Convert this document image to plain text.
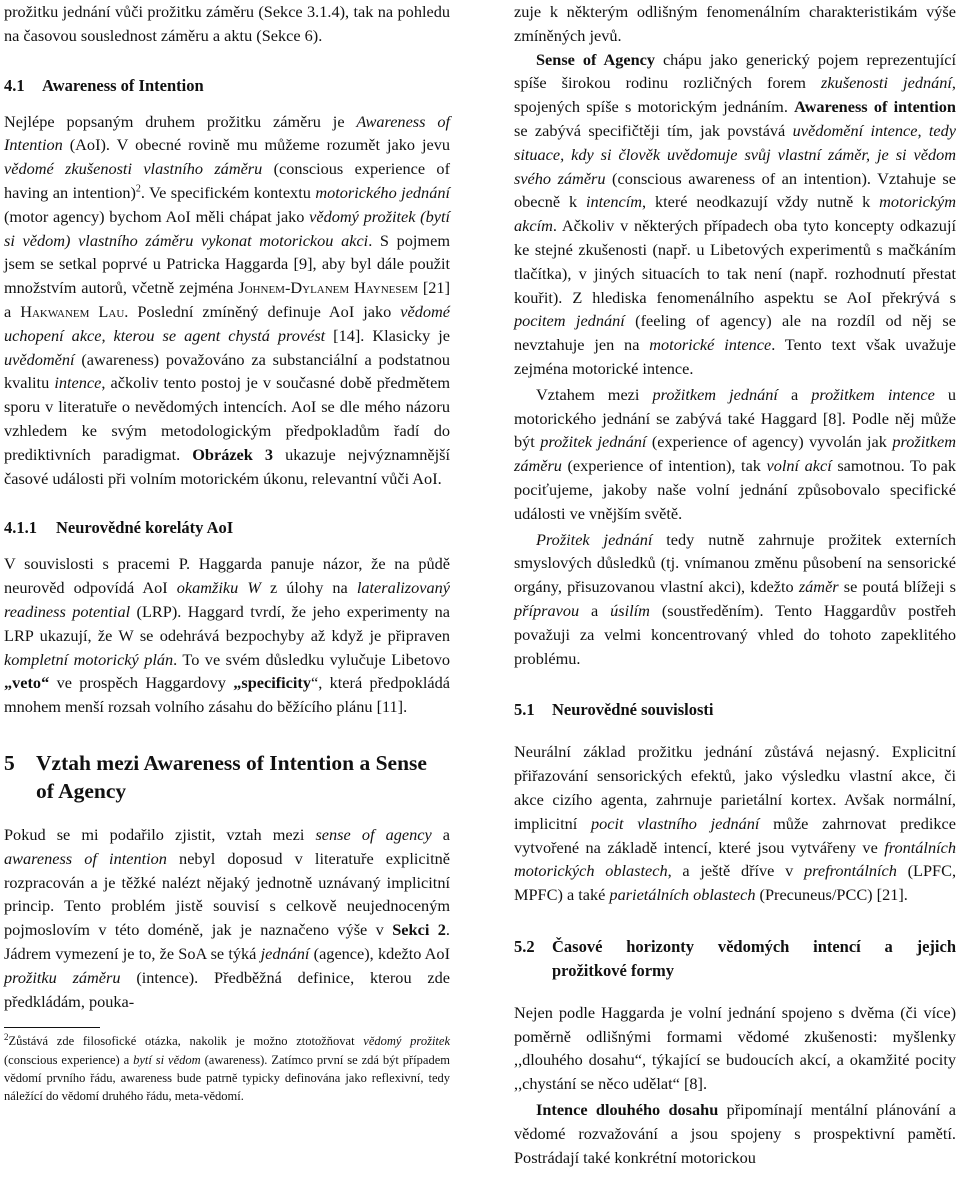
prožitku jednání vůči prožitku záměru (Sekce 3.1.4), tak na pohledu na časovou souslednost záměru a aktu (Sekce 6).

4.1 Awareness of Intention

Nejlépe popsaným druhem prožitku záměru je Awareness of Intention (AoI). V obecné rovině mu můžeme rozumět jako jevu vědomé zkušenosti vlastního záměru (conscious experience of having an intention)$^2$. Ve specifickém kontextu motorického jednání (motor agency) bychom AoI měli chápat jako vědomý prožitek (bytí si vědom) vlastního záměru vykonat motorickou akci. S pojmem jsem se setkal poprvé u Patricka Haggarda [9], aby byl dále použit množstvím autorů, včetně zejména Johnem-Dylanem Haynesem [21] a Hakwanem Lau. Poslední zmíněný definuje AoI jako vědomé uchopení akce, kterou se agent chystá provést [14]. Klasicky je uvědomění (awareness) považováno za substanciální a podstatnou kvalitu intence, ačkoliv tento postoj je v současné době předmětem sporu v literatuře o nevědomých intencích. AoI se dle mého názoru vzhledem ke svým metodologickým předpokladům řadí do prediktivních paradigmat. Obrázek 3 ukazuje nejvýznamnější časové události při volním motorickém úkonu, relevantní vůči AoI.

4.1.1 Neurovědné koreláty AoI

V souvislosti s pracemi P. Haggarda panuje názor, že na půdě neurověd odpovídá AoI okamžiku W z úlohy na lateralizovaný readiness potential (LRP). Haggard tvrdí, že jeho experimenty na LRP ukazují, že W se odehrává bezpochyby až když je připraven kompletní motorický plán. To ve svém důsledku vylučuje Libetovo „veto“ ve prospěch Haggardovy „specificity“, která předpokládá mnohem menší rozsah volního zásahu do běžícího plánu [11].

5 Vztah mezi Awareness of Intention a Sense
of Agency

Pokud se mi podařilo zjistit, vztah mezi sense of agency a awareness of intention nebyl doposud v literatuře explicitně rozpracován a je těžké nalézt nějaký jednotně uznávaný implicitní princip. Tento problém jistě souvisí s celkově neujednoceným pojmoslovím v této doméně, jak je naznačeno výše v Sekci 2. Jádrem vymezení je to, že SoA se týká jednání (agence), kdežto AoI prožitku záměru (intence). Předběžná definice, kterou zde předkládám, pouka-

$^2$Zůstává zde filosofické otázka, nakolik je možno ztotožňovat vědomý prožitek (conscious experience) a bytí si vědom (awareness). Zatímco první se zdá být případem vědomí prvního řádu, awareness bude patrně typicky definována jako reflexivní, tedy náležící do vědomí druhého řádu, meta-vědomí.

zuje k některým odlišným fenomenálním charakteristikám výše zmíněných jevů.

Sense of Agency chápu jako generický pojem reprezentující spíše širokou rodinu rozličných forem zkušenosti jednání, spojených spíše s motorickým jednáním. Awareness of intention se zabývá specifičtěji tím, jak povstává uvědomění intence, tedy situace, kdy si člověk uvědomuje svůj vlastní záměr, je si vědom svého záměru (conscious awareness of an intention). Vztahuje se obecně k intencím, které neodkazují vždy nutně k motorickým akcím. Ačkoliv v některých případech oba tyto koncepty odkazují ke stejné zkušenosti (např. u Libetových experimentů s mačkáním tlačítka), v jiných situacích to tak není (např. rozhodnutí přestat kouřit). Z hlediska fenomenálního aspektu se AoI překrývá s pocitem jednání (feeling of agency) ale na rozdíl od něj se nevztahuje jen na motorické intence. Tento text však uvažuje zejména motorické intence.

Vztahem mezi prožitkem jednání a prožitkem intence u motorického jednání se zabývá také Haggard [8]. Podle něj může být prožitek jednání (experience of agency) vyvolán jak prožitkem záměru (experience of intention), tak volní akcí samotnou. To pak pociťujeme, jakoby naše volní jednání způsobovalo specifické události ve vnějším světě.

Prožitek jednání tedy nutně zahrnuje prožitek externích smyslových důsledků (tj. vnímanou změnu působení na sensorické orgány, přisuzovanou vlastní akci), kdežto záměr se poutá blížeji s přípravou a úsilím (soustředěním). Tento Haggardův postřeh považuji za velmi koncentrovaný vhled do tohoto zapeklitého problému.

5.1 Neurovědné souvislosti

Neurální základ prožitku jednání zůstává nejasný. Explicitní přiřazování sensorických efektů, jako výsledku vlastní akce, či akce cizího agenta, zahrnuje parietální kortex. Avšak normální, implicitní pocit vlastního jednání může zahrnovat predikce vytvořené na základě intencí, které jsou vytvářeny ve frontálních motorických oblastech, a ještě dříve v prefrontálních (LPFC, MPFC) a také parietálních oblastech (Precuneus/PCC) [21].

5.2	Časové horizonty vědomých intencí a jejich
prožitkové formy

Nejen podle Haggarda je volní jednání spojeno s dvěma (či více) poměrně odlišnými formami vědomé zkušenosti: myšlenky ,,dlouhého dosahu“, týkající se budoucích akcí, a okamžité pocity ,,chystání se něco udělat“ [8].

Intence dlouhého dosahu připomínají mentální plánování a vědomé rozvažování a jsou spojeny s prospektivní pamětí. Postrádají také konkrétní motorickou
